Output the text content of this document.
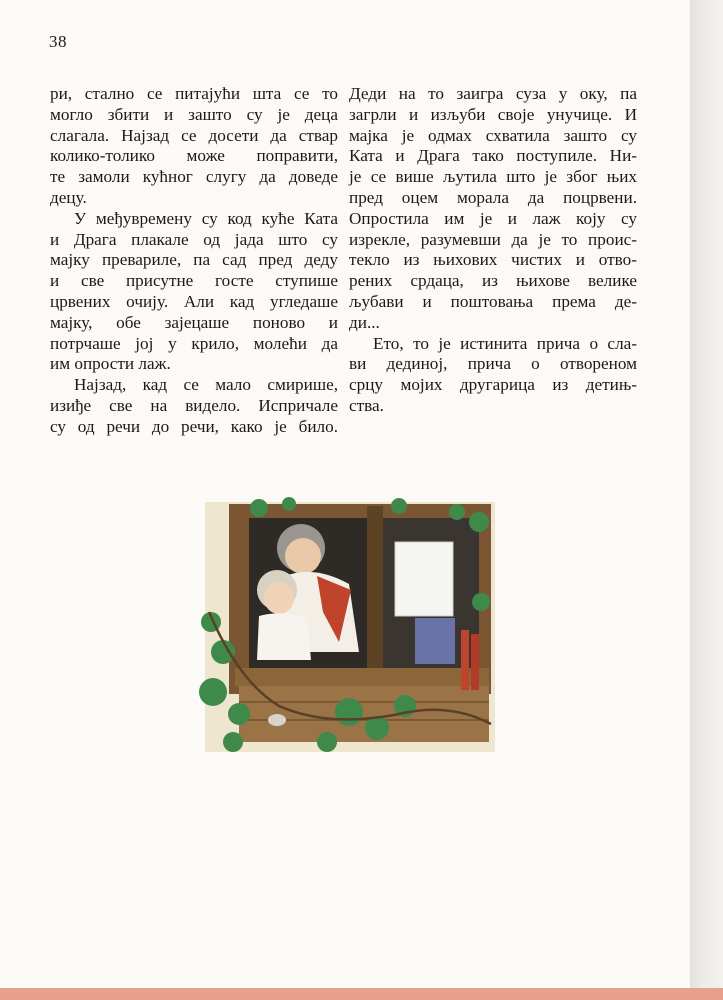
38

ри, стално се питајући шта се то
могло збити и зашто су је деца
слагала. Најзад се досети да ствар
колико-толико може поправити,
те замоли кућног слугу да доведе
децу.

У међувремену су код куће Ката
и Драга плакале од јада што су
мајку превариле, па сад пред дедy
и све присутне госте ступише
црвених очију. Али кад угледаше
мајку, обе зајецаше поново и
потрчаше јој у крило, молећи да
им опрости лаж.

Најзад, кад се мало смирише,
изиђе све на видело. Испричале
су од речи до речи, како је било.

Деди на то заигра суза у оку, па
загрли и изљуби своје унучице. И
мајка је одмах схватила зашто су
Ката и Драга тако поступиле. Ни-
је се више љутила што је због њих
пред оцем морала да поцрвени.
Опростила им је и лаж коју су
изрекле, разумевши да је то проис-
текло из њихових чистих и отво-
рених срдаца, из њихове велике
љубави и поштовања према де-
ди...

Ето, то је истинита прича о сла-
ви дединој, прича о отвореном
срцу мојих другарица из детињ-
ства.
